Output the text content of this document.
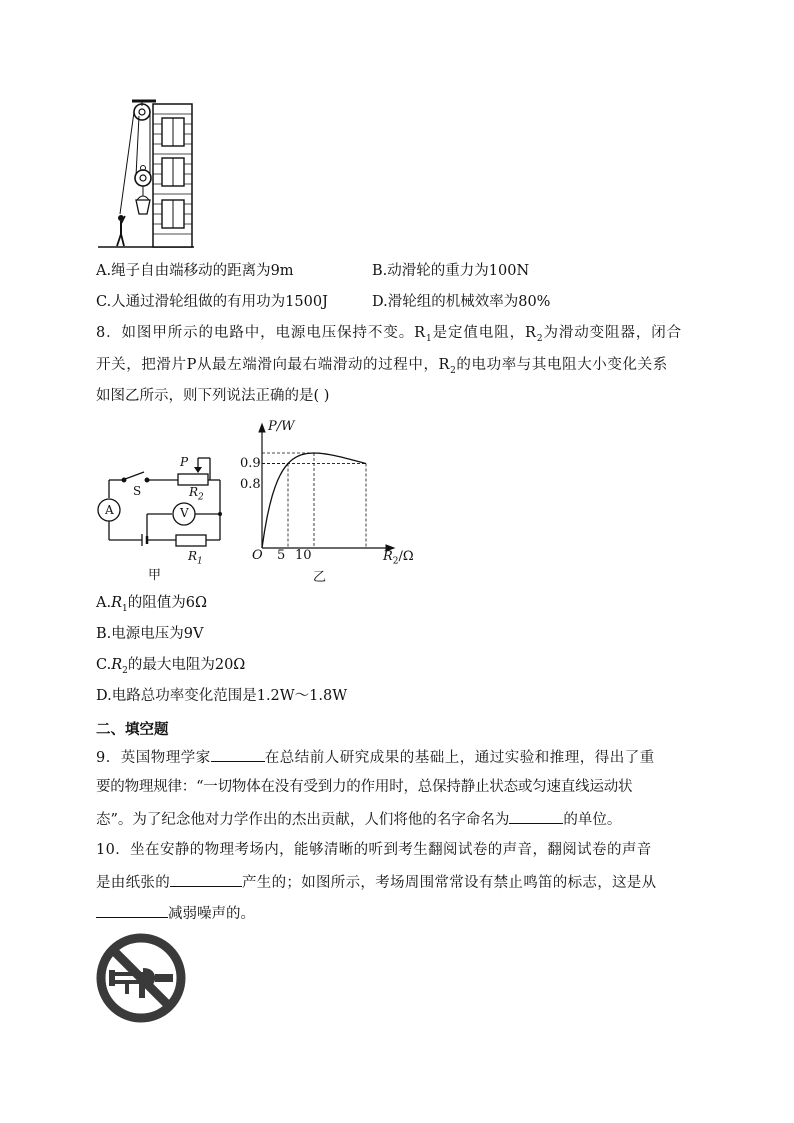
A.绳子自由端移动的距离为9m	B.动滑轮的重力为100N
C.人通过滑轮组做的有用功为1500J	D.滑轮组的机械效率为80%
8．如图甲所示的电路中，电源电压保持不变。$R_1$是定值电阻，$R_2$为滑动变阻器，闭合
开关，把滑片P从最左端滑向最右端滑动的过程中，$R_2$的电功率与其电阻大小变化关系
如图乙所示，则下列说法正确的是( )
A	V
S
P
$R_2$
$R_1$
甲
P/W
0.9
0.8
O 5 10	$R_2/\Omega$
乙
$A.R_1$的阻值为6Ω
B.电源电压为9V
$C.R_2$的最大电阻为20Ω
D.电路总功率变化范围是1.2W～1.8W
二、填空题
9．英国物理学家	在总结前人研究成果的基础上，通过实验和推理，得出了重
要的物理规律：“一切物体在没有受到力的作用时，总保持静止状态或匀速直线运动状
态”。为了纪念他对力学作出的杰出贡献，人们将他的名字命名为	的单位。
10．坐在安静的物理考场内，能够清晰的听到考生翻阅试卷的声音，翻阅试卷的声音
是由纸张的	产生的；如图所示，考场周围常常设有禁止鸣笛的标志，这是从
减弱噪声的。
